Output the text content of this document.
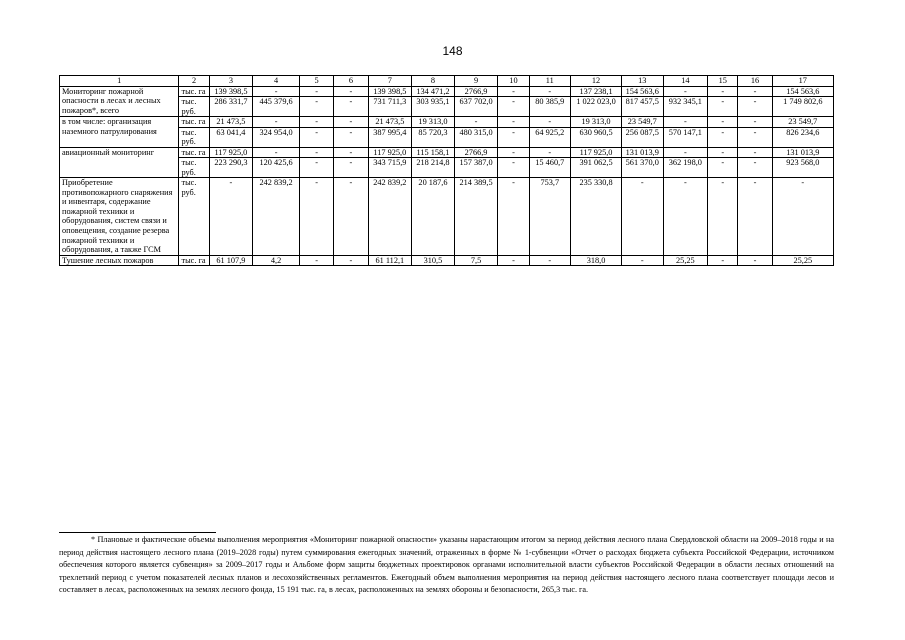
148
1	2	3	4	5	6	7	8	9	10	11	12	13	14	15	16	17
Мониторинг пожарной опасности в лесах и лесных пожаров*, всего	тыс. га	139 398,5	-	-	-	139 398,5	134 471,2	2766,9	-	-	137 238,1	154 563,6	-	-	-	154 563,6
	тыс. руб.	286 331,7	445 379,6	-	-	731 711,3	303 935,1	637 702,0	-	80 385,9	1 022 023,0	817 457,5	932 345,1	-	-	1 749 802,6
в том числе: организация наземного патрулирования	тыс. га	21 473,5	-	-	-	21 473,5	19 313,0	-	-	-	19 313,0	23 549,7	-	-	-	23 549,7
	тыс. руб.	63 041,4	324 954,0	-	-	387 995,4	85 720,3	480 315,0	-	64 925,2	630 960,5	256 087,5	570 147,1	-	-	826 234,6
авиационный мониторинг	тыс. га	117 925,0	-	-	-	117 925,0	115 158,1	2766,9	-	-	117 925,0	131 013,9	-	-	-	131 013,9
	тыс. руб.	223 290,3	120 425,6	-	-	343 715,9	218 214,8	157 387,0	-	15 460,7	391 062,5	561 370,0	362 198,0	-	-	923 568,0
Приобретение противопожарного снаряжения и инвентаря, содержание пожарной техники и оборудования, систем связи и оповещения, создание резерва пожарной техники и оборудования, а также ГСМ	тыс. руб.	-	242 839,2	-	-	242 839,2	20 187,6	214 389,5	-	753,7	235 330,8	-	-	-	-	-
Тушение лесных пожаров	тыс. га	61 107,9	4,2	-	-	61 112,1	310,5	7,5	-	-	318,0	-	25,25	-	-	25,25
* Плановые и фактические объемы выполнения мероприятия «Мониторинг пожарной опасности» указаны нарастающим итогом за период действия лесного плана Свердловской области на 2009–2018 годы и на период действия настоящего лесного плана (2019–2028 годы) путем суммирования ежегодных значений, отраженных в форме № 1-субвенции «Отчет о расходах бюджета субъекта Российской Федерации, источником обеспечения которого является субвенция» за 2009–2017 годы и Альбоме форм защиты бюджетных проектировок органами исполнительной власти субъектов Российской Федерации в области лесных отношений на трехлетний период с учетом показателей лесных планов и лесохозяйственных регламентов. Ежегодный объем выполнения мероприятия на период действия настоящего лесного плана соответствует площади лесов и составляет в лесах, расположенных на землях лесного фонда, 15 191 тыс. га, в лесах, расположенных на землях обороны и безопасности, 265,3 тыс. га.
